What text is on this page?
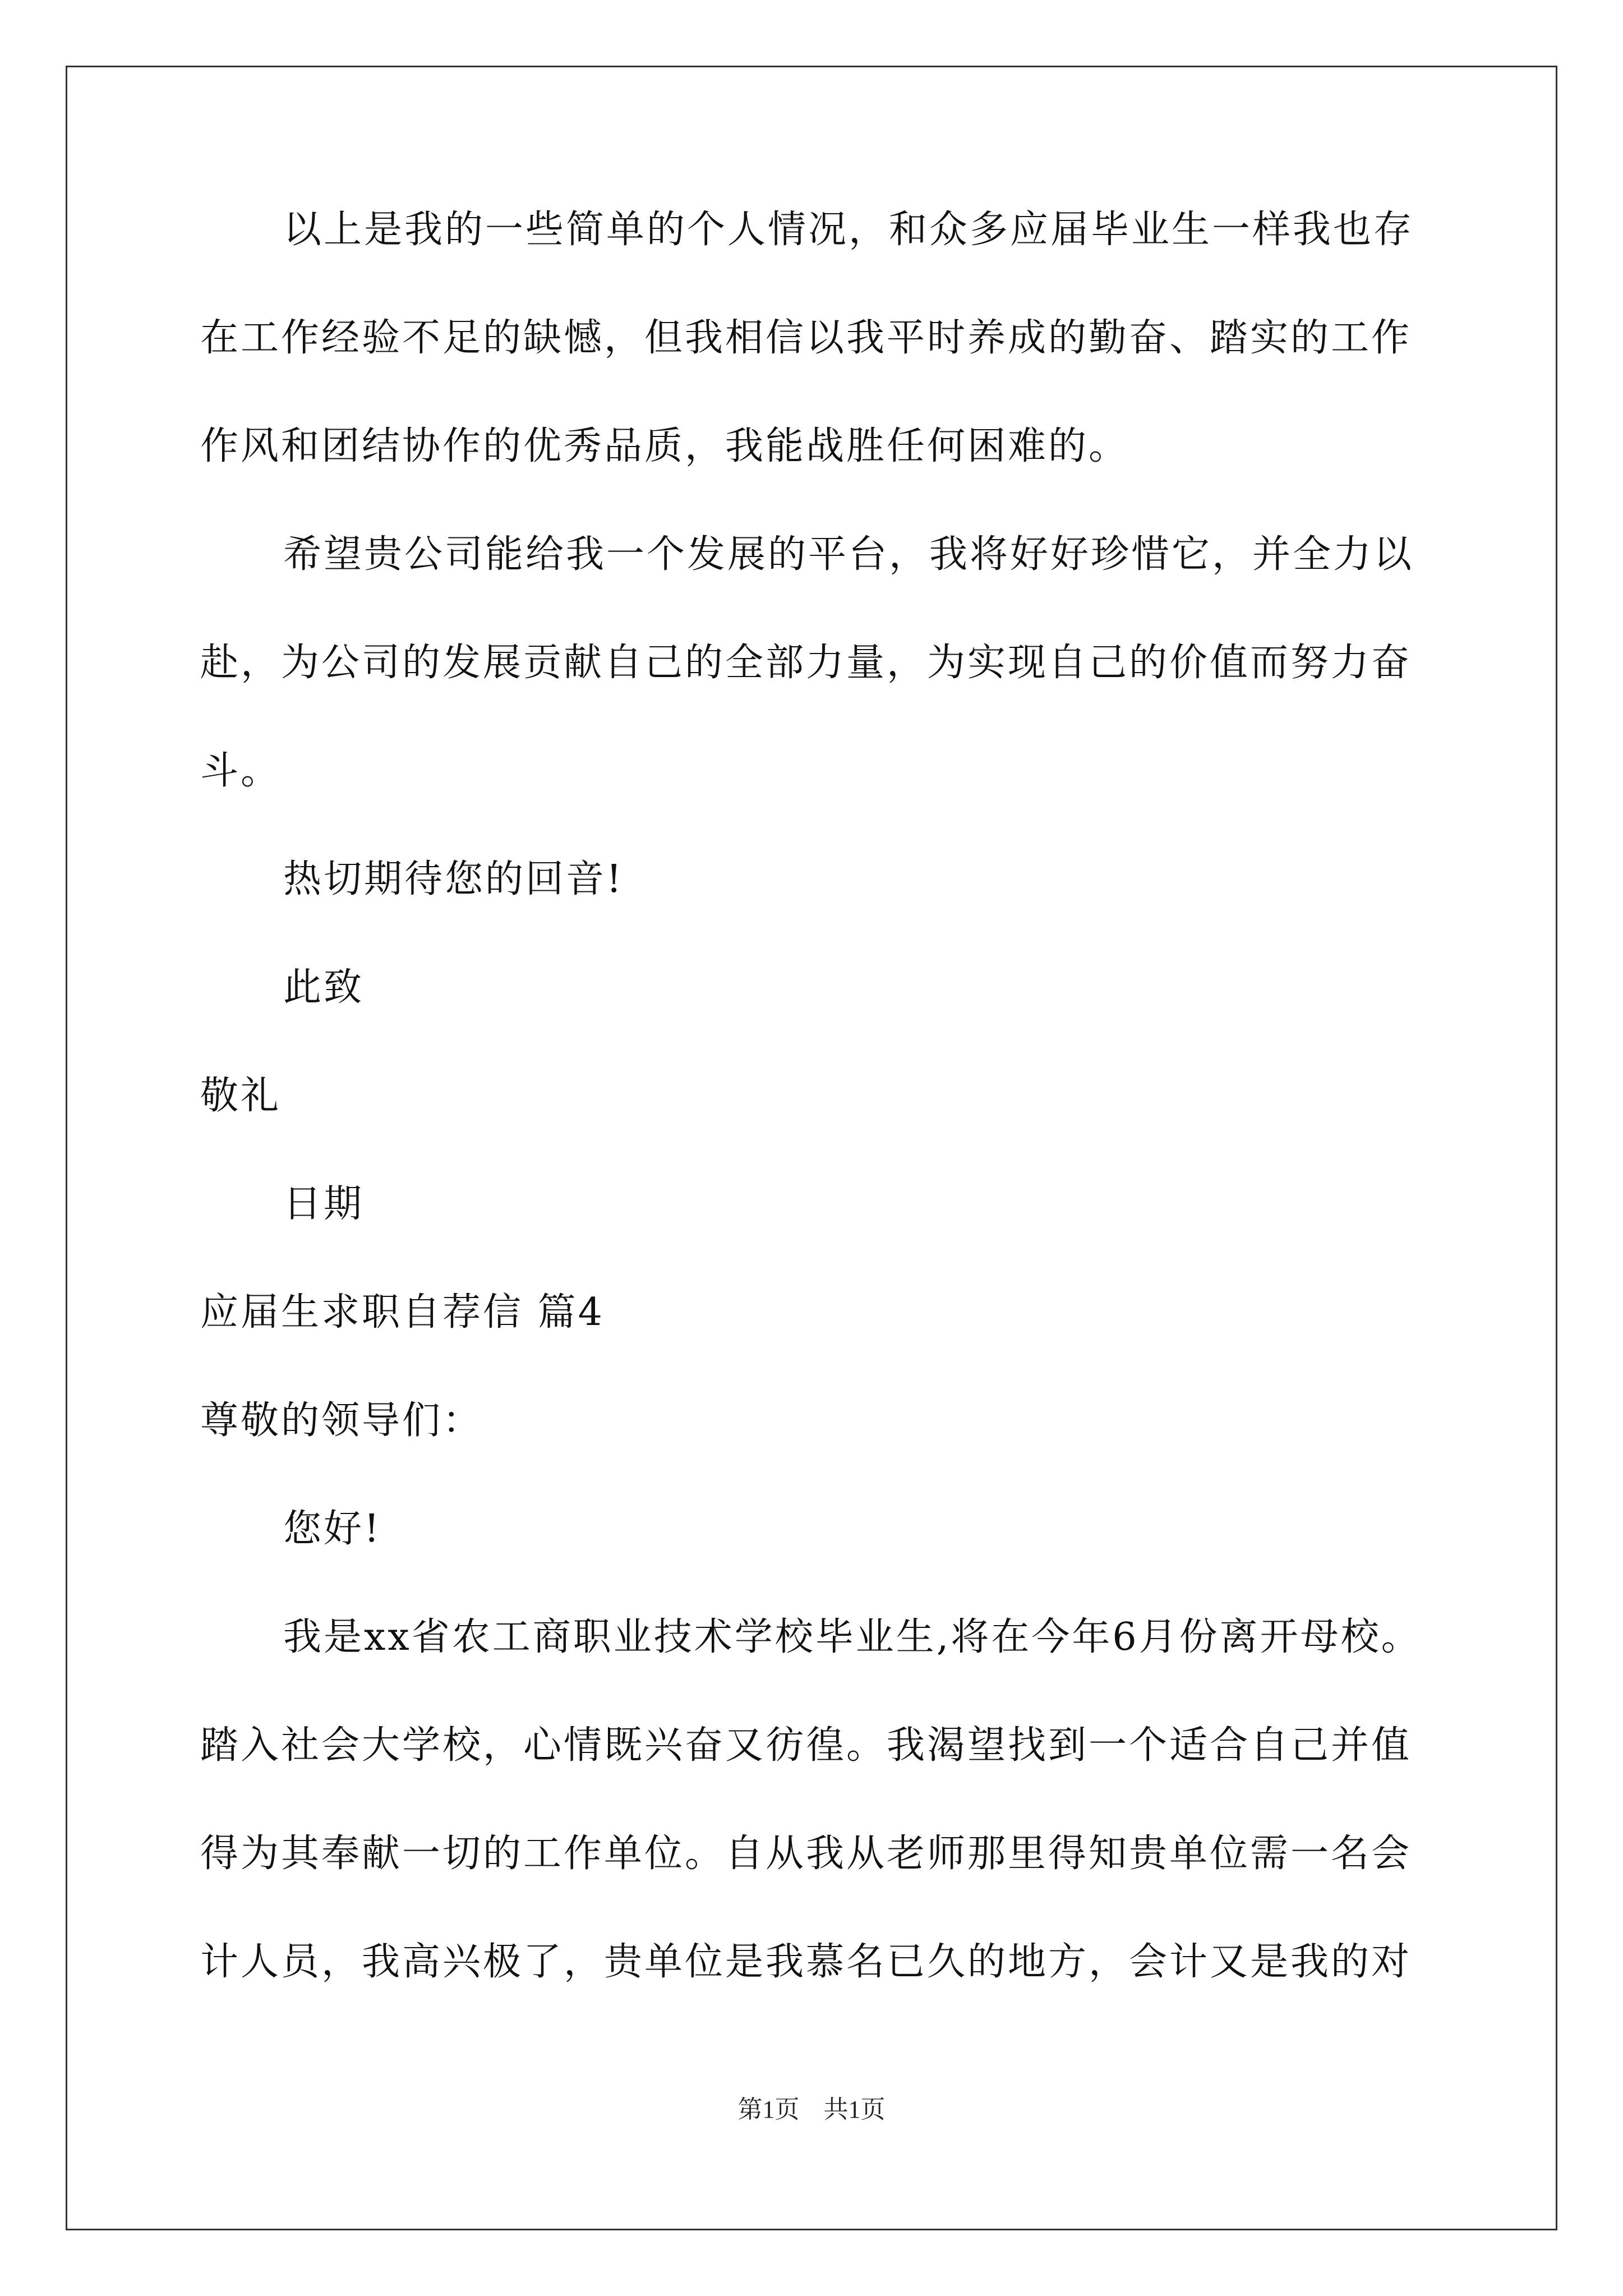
以上是我的一些简单的个人情况，和众多应届毕业生一样我也存
在工作经验不足的缺憾，但我相信以我平时养成的勤奋、踏实的工作
作风和团结协作的优秀品质，我能战胜任何困难的。
希望贵公司能给我一个发展的平台，我将好好珍惜它，并全力以
赴，为公司的发展贡献自己的全部力量，为实现自己的价值而努力奋
斗。
热切期待您的回音!
此致
敬礼
日期
应届生求职自荐信 篇4
尊敬的领导们：
您好!
我是xx省农工商职业技术学校毕业生,将在今年6月份离开母校。
踏入社会大学校，心情既兴奋又彷徨。我渴望找到一个适合自己并值
得为其奉献一切的工作单位。自从我从老师那里得知贵单位需一名会
计人员，我高兴极了，贵单位是我慕名已久的地方，会计又是我的对
第1页 共1页
